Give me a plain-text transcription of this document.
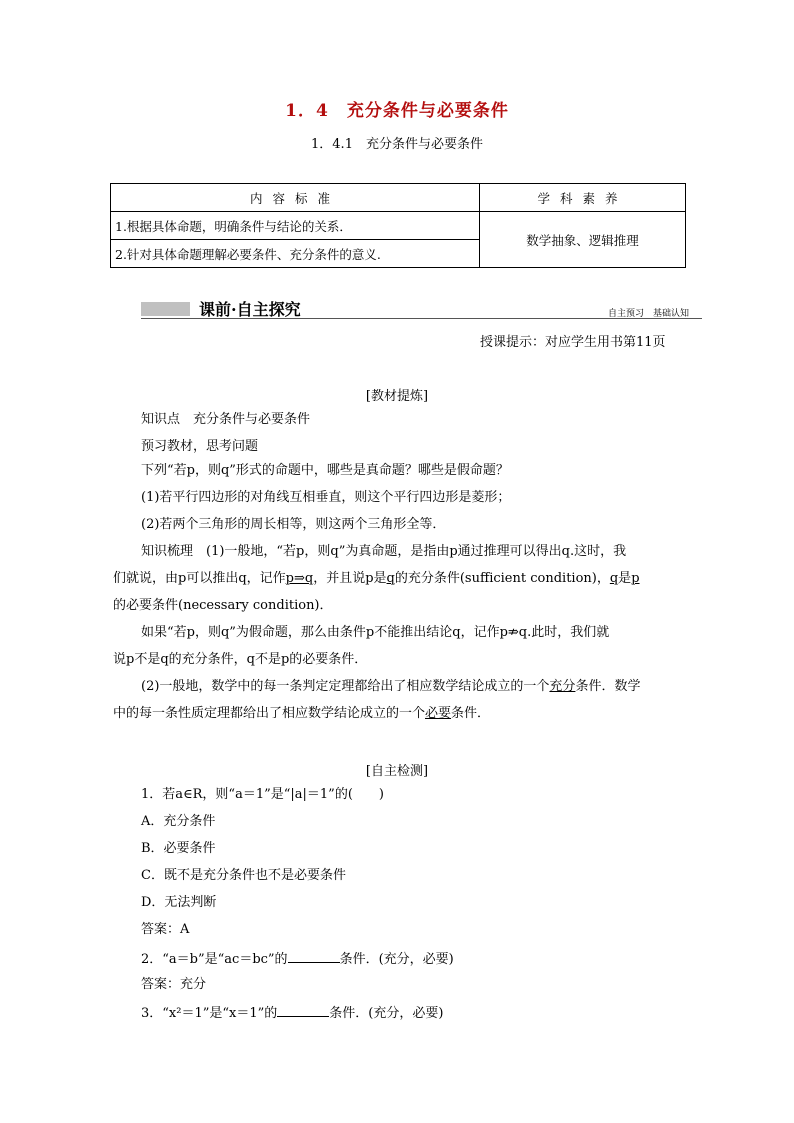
1．4　充分条件与必要条件
1．4.1　充分条件与必要条件
内容标准	学科素养
1.根据具体命题，明确条件与结论的关系．	数学抽象、逻辑推理
2.针对具体命题理解必要条件、充分条件的意义.	
课前·自主探究	自主预习　基础认知
授课提示：对应学生用书第11页
[教材提炼]
知识点　充分条件与必要条件
预习教材，思考问题
下列“若p，则q”形式的命题中，哪些是真命题？哪些是假命题？
(1)若平行四边形的对角线互相垂直，则这个平行四边形是菱形；
(2)若两个三角形的周长相等，则这两个三角形全等．
知识梳理　(1)一般地，“若p，则q”为真命题，是指由p通过推理可以得出q.这时，我
们就说，由p可以推出q，记作p⇒q，并且说p是q的充分条件(sufficient condition)，q是p
的必要条件(necessary condition)．
如果“若p，则q”为假命题，那么由条件p不能推出结论q，记作p⇏q.此时，我们就
说p不是q的充分条件，q不是p的必要条件．
(2)一般地，数学中的每一条判定定理都给出了相应数学结论成立的一个充分条件．数学
中的每一条性质定理都给出了相应数学结论成立的一个必要条件．
[自主检测]
1．若a∈R，则“a＝1”是“|a|＝1”的(　　)
A．充分条件
B．必要条件
C．既不是充分条件也不是必要条件
D．无法判断
答案：A
2．“a＝b”是“ac＝bc”的	条件．(充分，必要)
答案：充分
3．“x²＝1”是“x＝1”的	条件．(充分，必要)
